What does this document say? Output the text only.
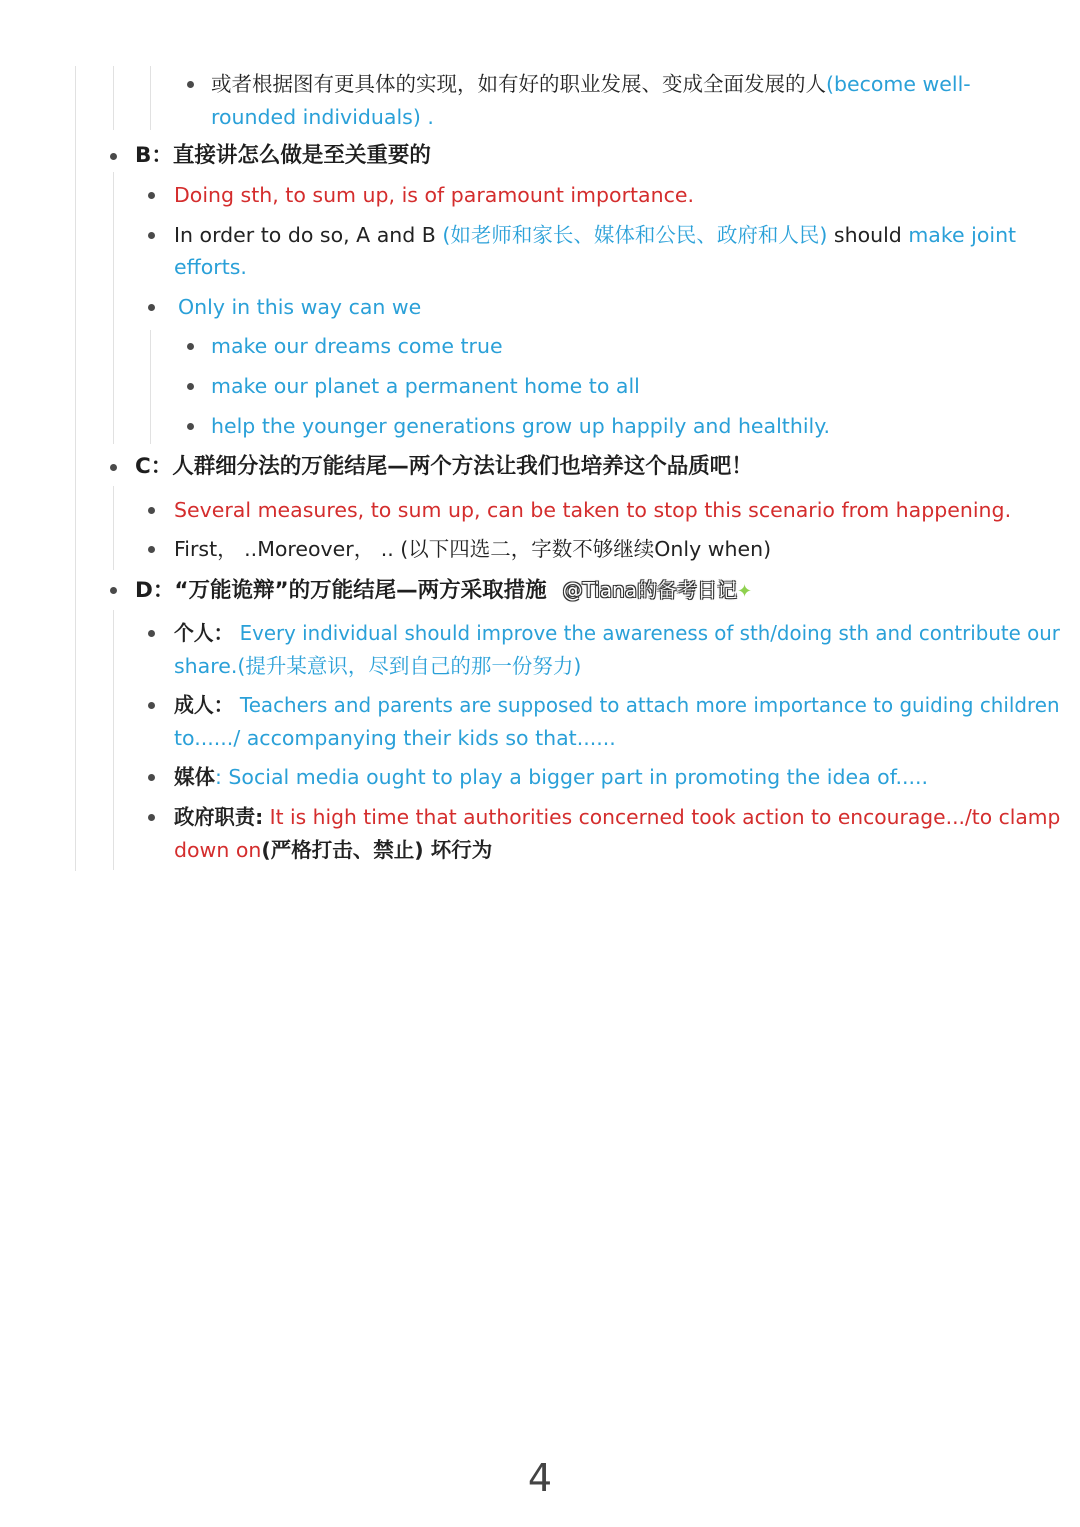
或者根据图有更具体的实现，如有好的职业发展、变成全面发展的人(become well-
rounded individuals) .
B：直接讲怎么做是至关重要的
Doing sth, to sum up, is of paramount importance.
In order to do so, A and B (如老师和家长、媒体和公民、政府和人民) should make joint
efforts.
Only in this way can we
make our dreams come true
make our planet a permanent home to all
help the younger generations grow up happily and healthily.
C：人群细分法的万能结尾—两个方法让我们也培养这个品质吧！
Several measures, to sum up, can be taken to stop this scenario from happening.
First， ..Moreover， .. (以下四选二，字数不够继续Only when)
D：“万能诡辩”的万能结尾—两方采取措施 @Tiana的备考日记✦
个人： Every individual should improve the awareness of sth/doing sth and contribute our
share.(提升某意识，尽到自己的那一份努力)
成人： Teachers and parents are supposed to attach more importance to guiding children
to....../ accompanying their kids so that......
媒体: Social media ought to play a bigger part in promoting the idea of.....
政府职责: It is high time that authorities concerned took action to encourage.../to clamp
down on(严格打击、禁止) 坏行为
4
